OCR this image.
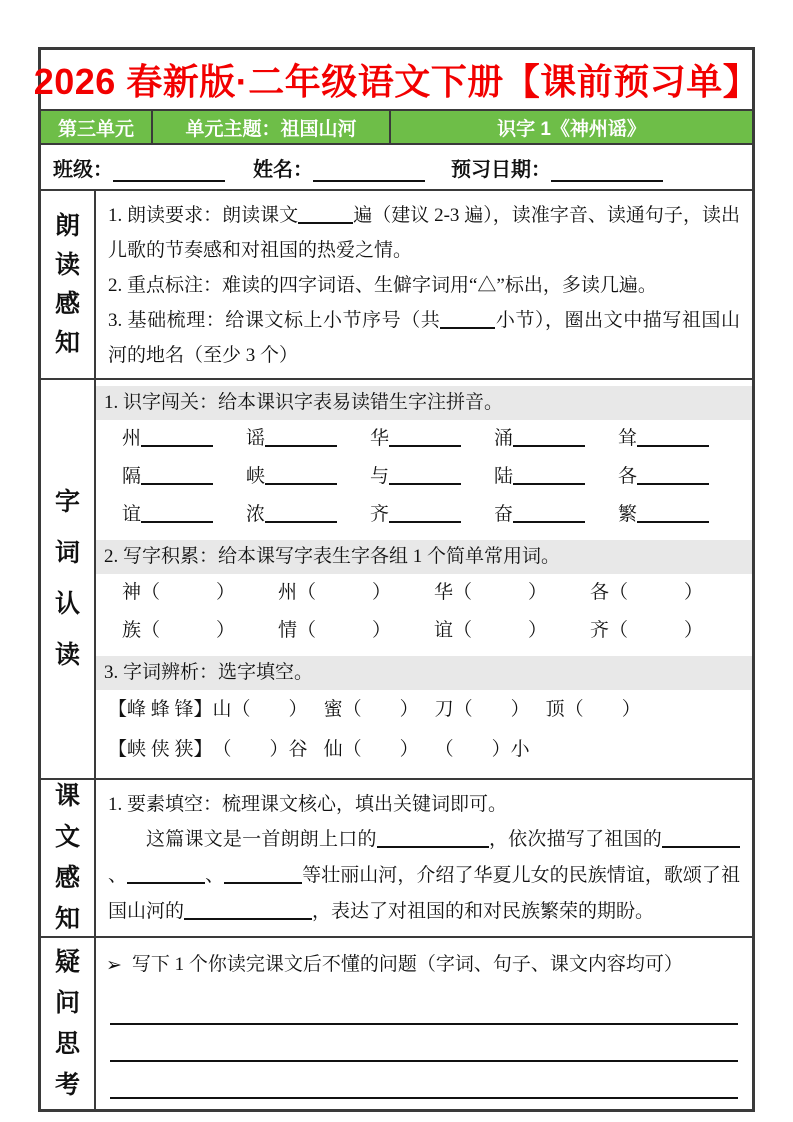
2026 春新版·二年级语文下册【课前预习单】
第三单元	单元主题：祖国山河	识字 1《神州谣》
班级：	姓名：	预习日期：
朗
读
感
知

1. 朗读要求：朗读课文	遍（建议 2-3 遍），读准字音、读通句子，读出儿歌的节奏感和对祖国的热爱之情。

2. 重点标注：难读的四字词语、生僻字词用“△”标出，多读几遍。

3. 基础梳理：给课文标上小节序号（共	小节），圈出文中描写祖国山河的地名（至少 3 个）

字
词
认
读
1. 识字闯关：给本课识字表易读错生字注拼音。
州	谣	华	涌	耸
隔	峡	与	陆	各
谊	浓	齐	奋	繁
2. 写字积累：给本课写字表生字各组 1 个简单常用词。
神（	）	州（	）	华（	）	各（	）
族（	）	情（	）	谊（	）	齐（	）
3. 字词辨析：选字填空。
【峰 蜂 锋】 山（ ） 蜜（ ） 刀（ ） 顶（ ）
【峡 侠 狭】 （ ）谷 仙（ ） （ ）小
课
文
感
知

1. 要素填空：梳理课文核心，填出关键词即可。

这篇课文是一首朗朗上口的	，依次描写了祖国的、	、	等壮丽山河，介绍了华夏儿女的民族情谊，歌颂了祖国山河的	，表达了对祖国的和对民族繁荣的期盼。

疑
问
思
考

➢ 写下 1 个你读完课文后不懂的问题（字词、句子、课文内容均可）
